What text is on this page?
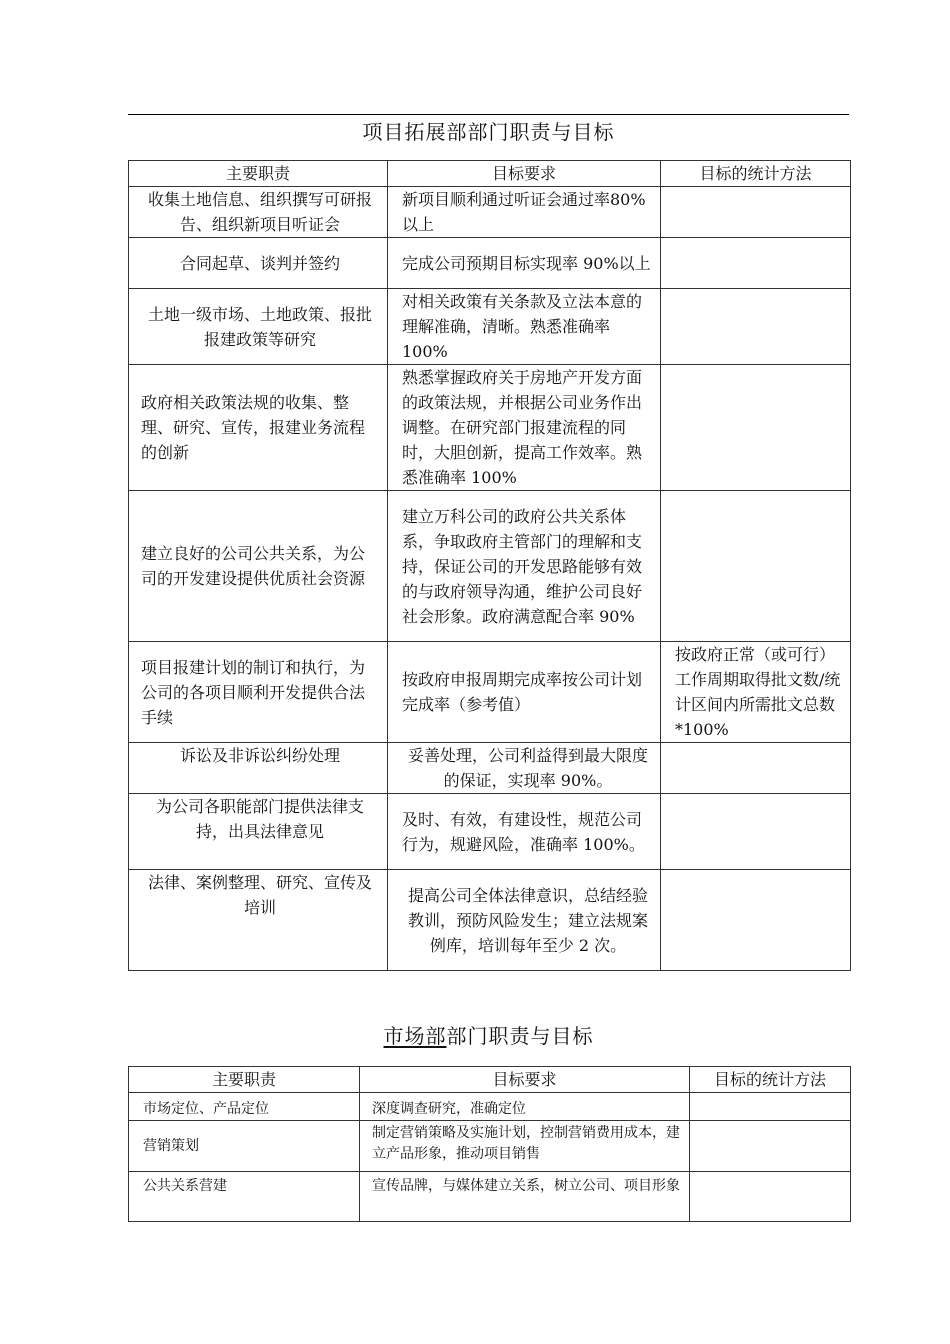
项目拓展部部门职责与目标
主要职责	目标要求	目标的统计方法
收集土地信息、组织撰写可研报告、组织新项目听证会	新项目顺利通过听证会通过率80%以上	
合同起草、谈判并签约	完成公司预期目标实现率 90%以上	
土地一级市场、土地政策、报批报建政策等研究	对相关政策有关条款及立法本意的理解准确，清晰。熟悉准确率 100%	
政府相关政策法规的收集、整理、研究、宣传，报建业务流程的创新	熟悉掌握政府关于房地产开发方面的政策法规，并根据公司业务作出调整。在研究部门报建流程的同时，大胆创新，提高工作效率。熟悉准确率 100%	
建立良好的公司公共关系，为公司的开发建设提供优质社会资源	建立万科公司的政府公共关系体系，争取政府主管部门的理解和支持，保证公司的开发思路能够有效的与政府领导沟通，维护公司良好社会形象。政府满意配合率 90%	
项目报建计划的制订和执行，为公司的各项目顺利开发提供合法手续	按政府申报周期完成率按公司计划完成率（参考值）	按政府正常（或可行）工作周期取得批文数/统计区间内所需批文总数*100%
诉讼及非诉讼纠纷处理	妥善处理，公司利益得到最大限度的保证，实现率 90%。	
为公司各职能部门提供法律支持，出具法律意见	及时、有效，有建设性，规范公司行为，规避风险，准确率 100%。	
法律、案例整理、研究、宣传及培训	提高公司全体法律意识，总结经验教训，预防风险发生；建立法规案例库，培训每年至少 2 次。	
市场部部门职责与目标
主要职责	目标要求	目标的统计方法
市场定位、产品定位	深度调查研究，准确定位	
营销策划	制定营销策略及实施计划，控制营销费用成本，建立产品形象，推动项目销售	
公共关系营建	宣传品牌，与媒体建立关系，树立公司、项目形象	
